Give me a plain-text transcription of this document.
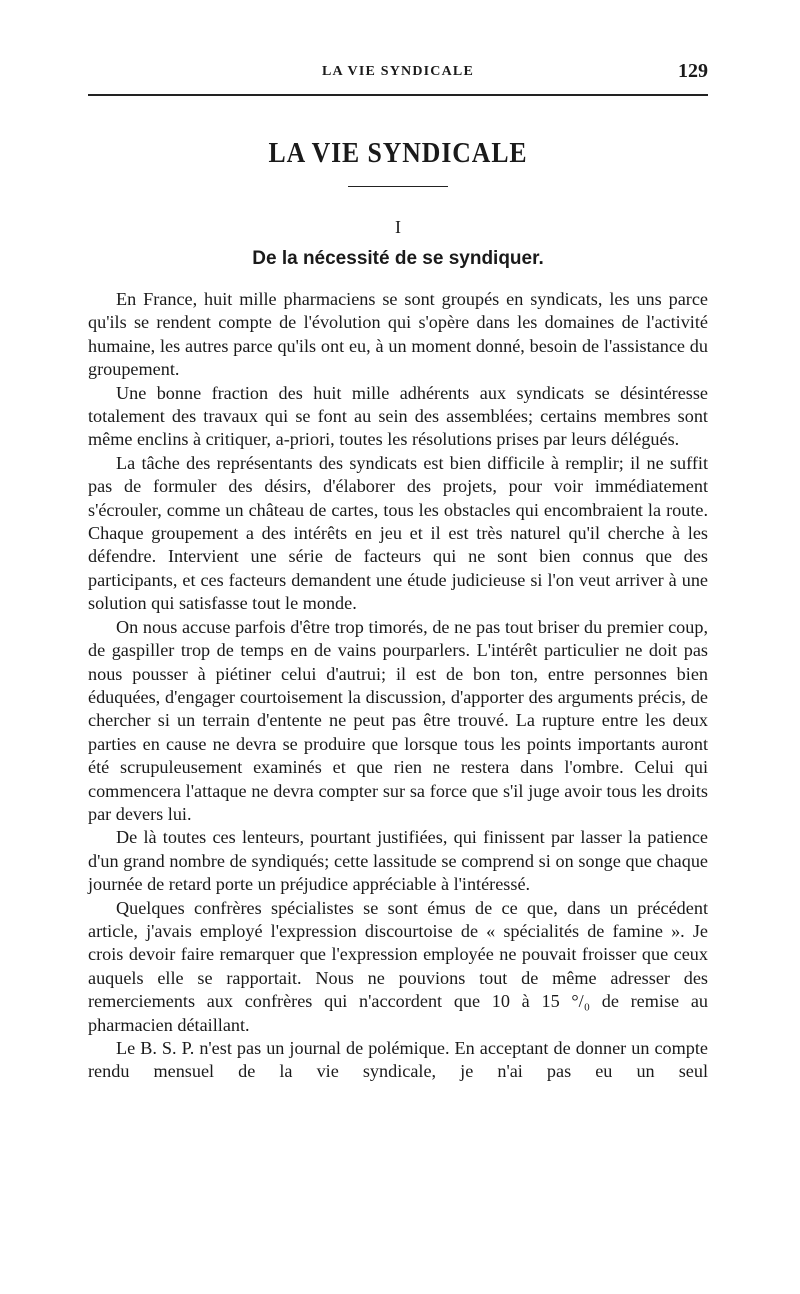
LA VIE SYNDICALE	129
LA VIE SYNDICALE
I
De la nécessité de se syndiquer.

En France, huit mille pharmaciens se sont groupés en syndicats, les uns parce qu'ils se rendent compte de l'évolution qui s'opère dans les domaines de l'activité humaine, les autres parce qu'ils ont eu, à un moment donné, besoin de l'assistance du groupement.

Une bonne fraction des huit mille adhérents aux syndicats se désintéresse totalement des travaux qui se font au sein des assemblées; certains membres sont même enclins à critiquer, a-priori, toutes les résolutions prises par leurs délégués.

La tâche des représentants des syndicats est bien difficile à remplir; il ne suffit pas de formuler des désirs, d'élaborer des projets, pour voir immédiatement s'écrouler, comme un château de cartes, tous les obstacles qui encombraient la route. Chaque groupement a des intérêts en jeu et il est très naturel qu'il cherche à les défendre. Intervient une série de facteurs qui ne sont bien connus que des participants, et ces facteurs demandent une étude judicieuse si l'on veut arriver à une solution qui satisfasse tout le monde.

On nous accuse parfois d'être trop timorés, de ne pas tout briser du premier coup, de gaspiller trop de temps en de vains pourparlers. L'intérêt particulier ne doit pas nous pousser à piétiner celui d'autrui; il est de bon ton, entre personnes bien éduquées, d'engager courtoisement la discussion, d'apporter des arguments précis, de chercher si un terrain d'entente ne peut pas être trouvé. La rupture entre les deux parties en cause ne devra se produire que lorsque tous les points importants auront été scrupuleusement examinés et que rien ne restera dans l'ombre. Celui qui commencera l'attaque ne devra compter sur sa force que s'il juge avoir tous les droits par devers lui.

De là toutes ces lenteurs, pourtant justifiées, qui finissent par lasser la patience d'un grand nombre de syndiqués; cette lassitude se comprend si on songe que chaque journée de retard porte un préjudice appréciable à l'intéressé.

Quelques confrères spécialistes se sont émus de ce que, dans un précédent article, j'avais employé l'expression discourtoise de « spécialités de famine ». Je crois devoir faire remarquer que l'expression employée ne pouvait froisser que ceux auquels elle se rapportait. Nous ne pouvions tout de même adresser des remerciements aux confrères qui n'accordent que 10 à 15 °/₀ de remise au pharmacien détaillant.

Le B. S. P. n'est pas un journal de polémique. En acceptant de donner un compte rendu mensuel de la vie syndicale, je n'ai pas eu un seul
